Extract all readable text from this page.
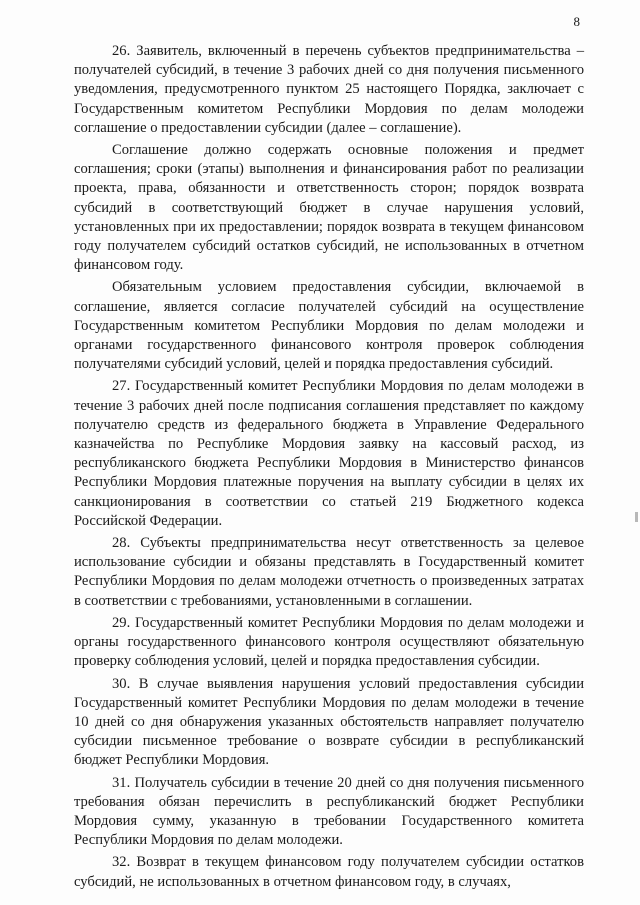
8

26. Заявитель, включенный в перечень субъектов предпринимательства – получателей субсидий, в течение 3 рабочих дней со дня получения письменного уведомления, предусмотренного пунктом 25 настоящего Порядка, заключает с Государственным комитетом Республики Мордовия по делам молодежи соглашение о предоставлении субсидии (далее – соглашение).

Соглашение должно содержать основные положения и предмет соглашения; сроки (этапы) выполнения и финансирования работ по реализации проекта, права, обязанности и ответственность сторон; порядок возврата субсидий в соответствующий бюджет в случае нарушения условий, установленных при их предоставлении; порядок возврата в текущем финансовом году получателем субсидий остатков субсидий, не использованных в отчетном финансовом году.

Обязательным условием предоставления субсидии, включаемой в соглашение, является согласие получателей субсидий на осуществление Государственным комитетом Республики Мордовия по делам молодежи и органами государственного финансового контроля проверок соблюдения получателями субсидий условий, целей и порядка предоставления субсидий.

27. Государственный комитет Республики Мордовия по делам молодежи в течение 3 рабочих дней после подписания соглашения представляет по каждому получателю средств из федерального бюджета в Управление Федерального казначейства по Республике Мордовия заявку на кассовый расход, из республиканского бюджета Республики Мордовия в Министерство финансов Республики Мордовия платежные поручения на выплату субсидии в целях их санкционирования в соответствии со статьей 219 Бюджетного кодекса Российской Федерации.

28. Субъекты предпринимательства несут ответственность за целевое использование субсидии и обязаны представлять в Государственный комитет Республики Мордовия по делам молодежи отчетность о произведенных затратах в соответствии с требованиями, установленными в соглашении.

29. Государственный комитет Республики Мордовия по делам молодежи и органы государственного финансового контроля осуществляют обязательную проверку соблюдения условий, целей и порядка предоставления субсидии.

30. В случае выявления нарушения условий предоставления субсидии Государственный комитет Республики Мордовия по делам молодежи в течение 10 дней со дня обнаружения указанных обстоятельств направляет получателю субсидии письменное требование о возврате субсидии в республиканский бюджет Республики Мордовия.

31. Получатель субсидии в течение 20 дней со дня получения письменного требования обязан перечислить в республиканский бюджет Республики Мордовия сумму, указанную в требовании Государственного комитета Республики Мордовия по делам молодежи.

32. Возврат в текущем финансовом году получателем субсидии остатков субсидий, не использованных в отчетном финансовом году, в случаях,
